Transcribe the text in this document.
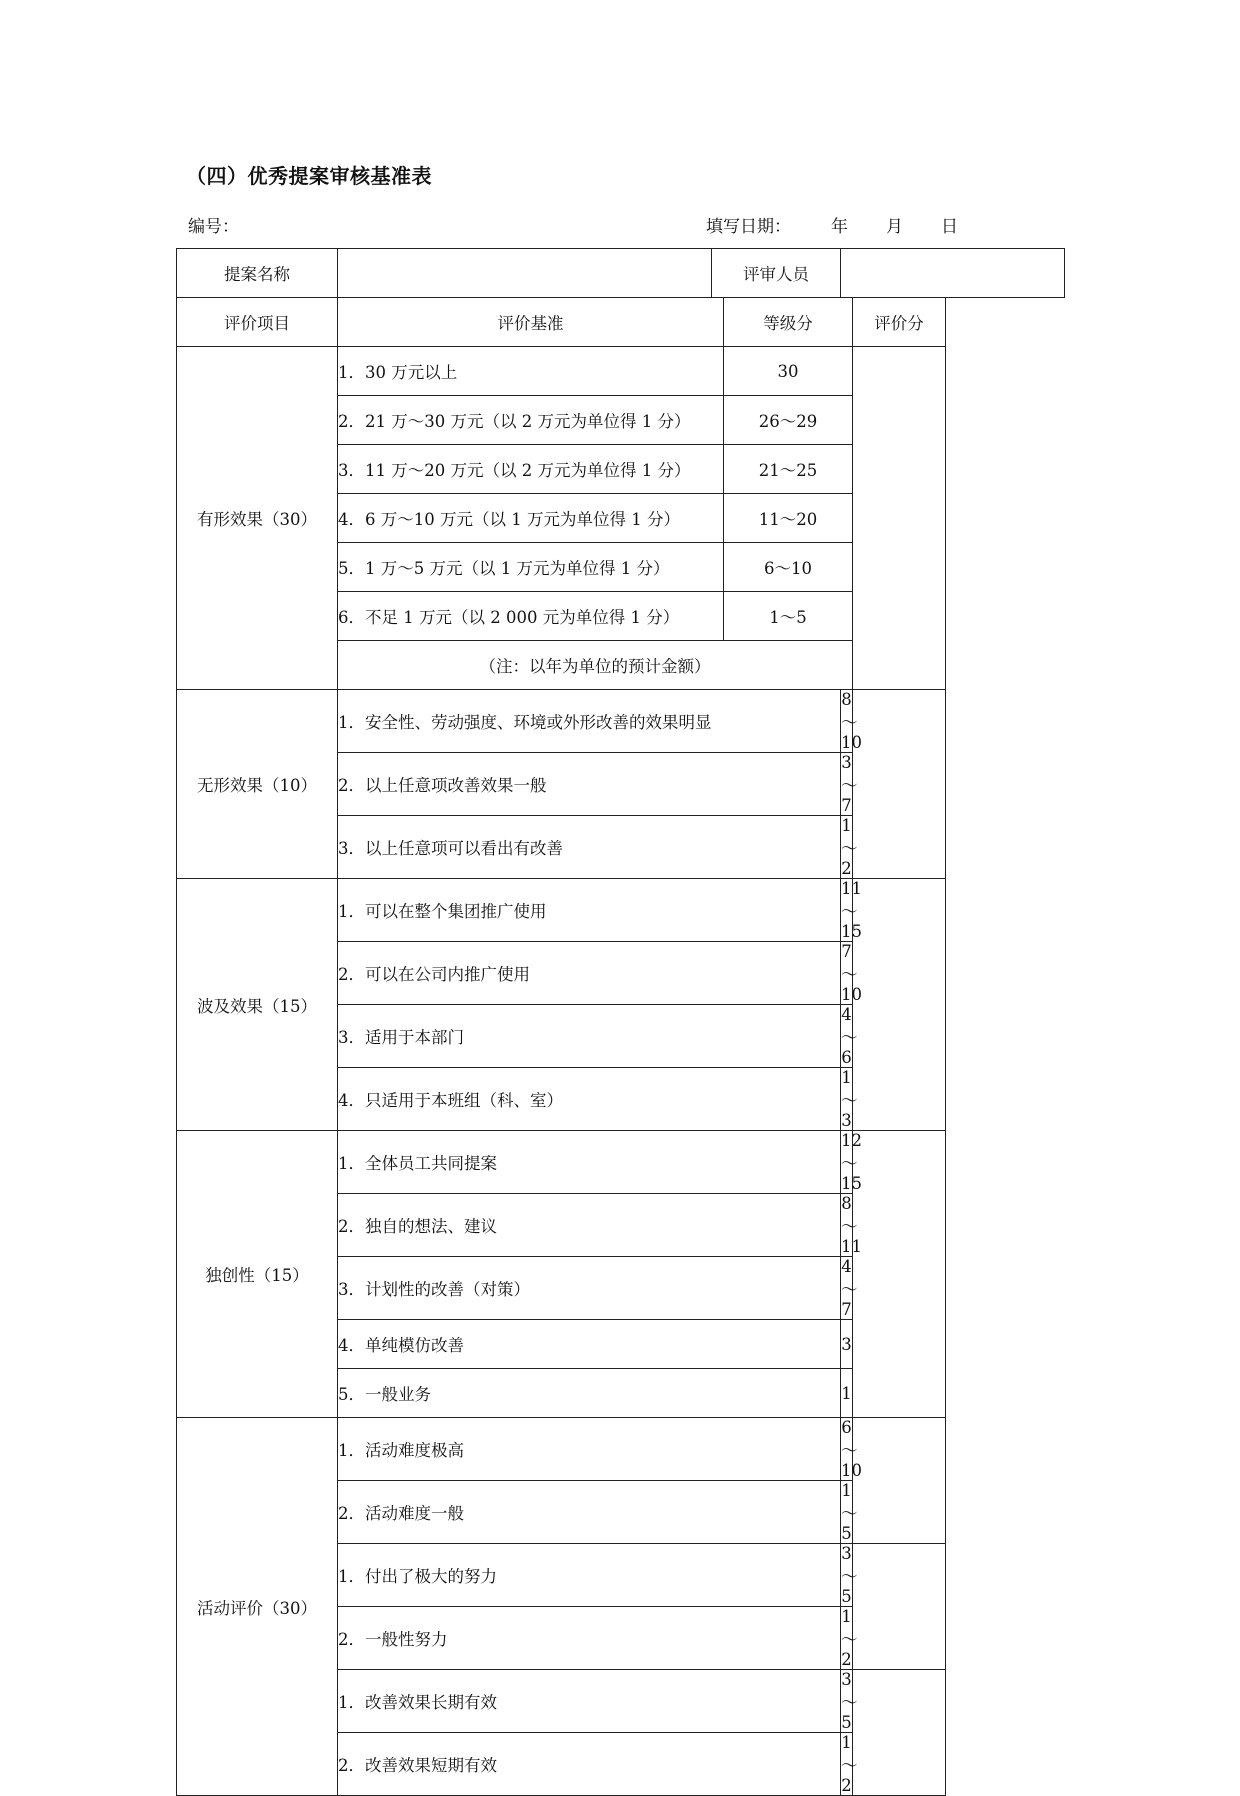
（四）优秀提案审核基准表
编号：	填写日期： 年 月 日
提案名称		评审人员			
评价项目	评价基准		等级分		评价分
有形效果（30）	1．30 万元以上		30		
	2．21 万～30 万元（以 2 万元为单位得 1 分）		26～29		
	3．11 万～20 万元（以 2 万元为单位得 1 分）		21～25		
	4．6 万～10 万元（以 1 万元为单位得 1 分）		11～20		
	5．1 万～5 万元（以 1 万元为单位得 1 分）		6～10		
	6．不足 1 万元（以 2 000 元为单位得 1 分）		1～5		
	（注：以年为单位的预计金额）				
无形效果（10）	1．安全性、劳动强度、环境或外形改善的效果明显			8～10	
	2．以上任意项改善效果一般			3～7	
	3．以上任意项可以看出有改善			1～2	
波及效果（15）	1．可以在整个集团推广使用			11～15	
	2．可以在公司内推广使用			7～10	
	3．适用于本部门			4～6	
	4．只适用于本班组（科、室）			1～3	
独创性（15）	1．全体员工共同提案			12～15	
	2．独自的想法、建议			8～11	
	3．计划性的改善（对策）			4～7	
	4．单纯模仿改善			3	
	5．一般业务			1	
活动评价（30）	1．活动难度极高			6～10	
	2．活动难度一般			1～5	
	1．付出了极大的努力			3～5	
	2．一般性努力			1～2	
	1．改善效果长期有效			3～5	
	2．改善效果短期有效			1～2	
